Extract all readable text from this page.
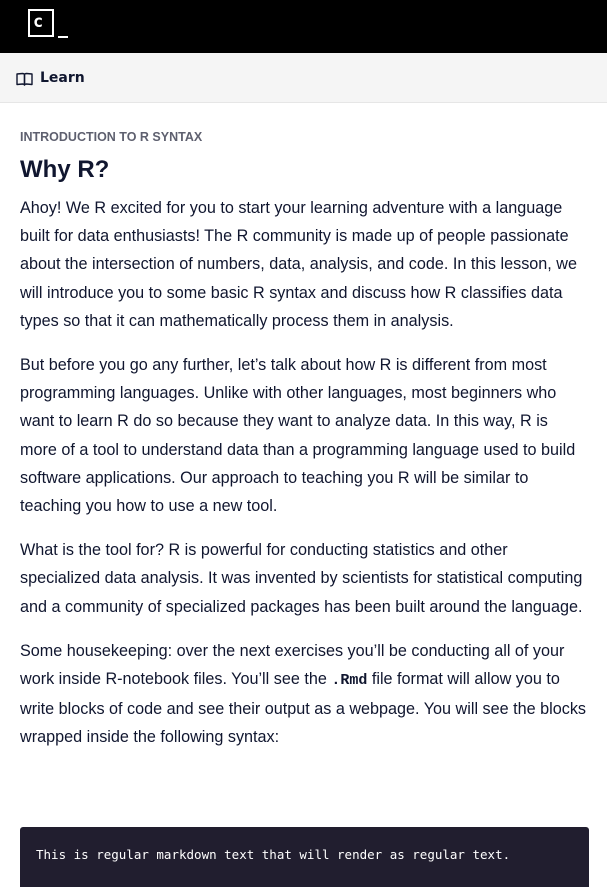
c
Learn
INTRODUCTION TO R SYNTAX
Why R?

Ahoy! We R excited for you to start your learning adventure with a language built for data enthusiasts! The R community is made up of people passionate about the intersection of numbers, data, analysis, and code. In this lesson, we will introduce you to some basic R syntax and discuss how R classifies data types so that it can mathematically process them in analysis.

But before you go any further, let’s talk about how R is different from most programming languages. Unlike with other languages, most beginners who want to learn R do so because they want to analyze data. In this way, R is more of a tool to understand data than a programming language used to build software applications. Our approach to teaching you R will be similar to teaching you how to use a new tool.

What is the tool for? R is powerful for conducting statistics and other specialized data analysis. It was invented by scientists for statistical computing and a community of specialized packages has been built around the language.

Some housekeeping: over the next exercises you’ll be conducting all of your work inside R-notebook files. You’ll see the .Rmd file format will allow you to write blocks of code and see their output as a webpage. You will see the blocks wrapped inside the following syntax:

This is regular markdown text that will render as regular text.
